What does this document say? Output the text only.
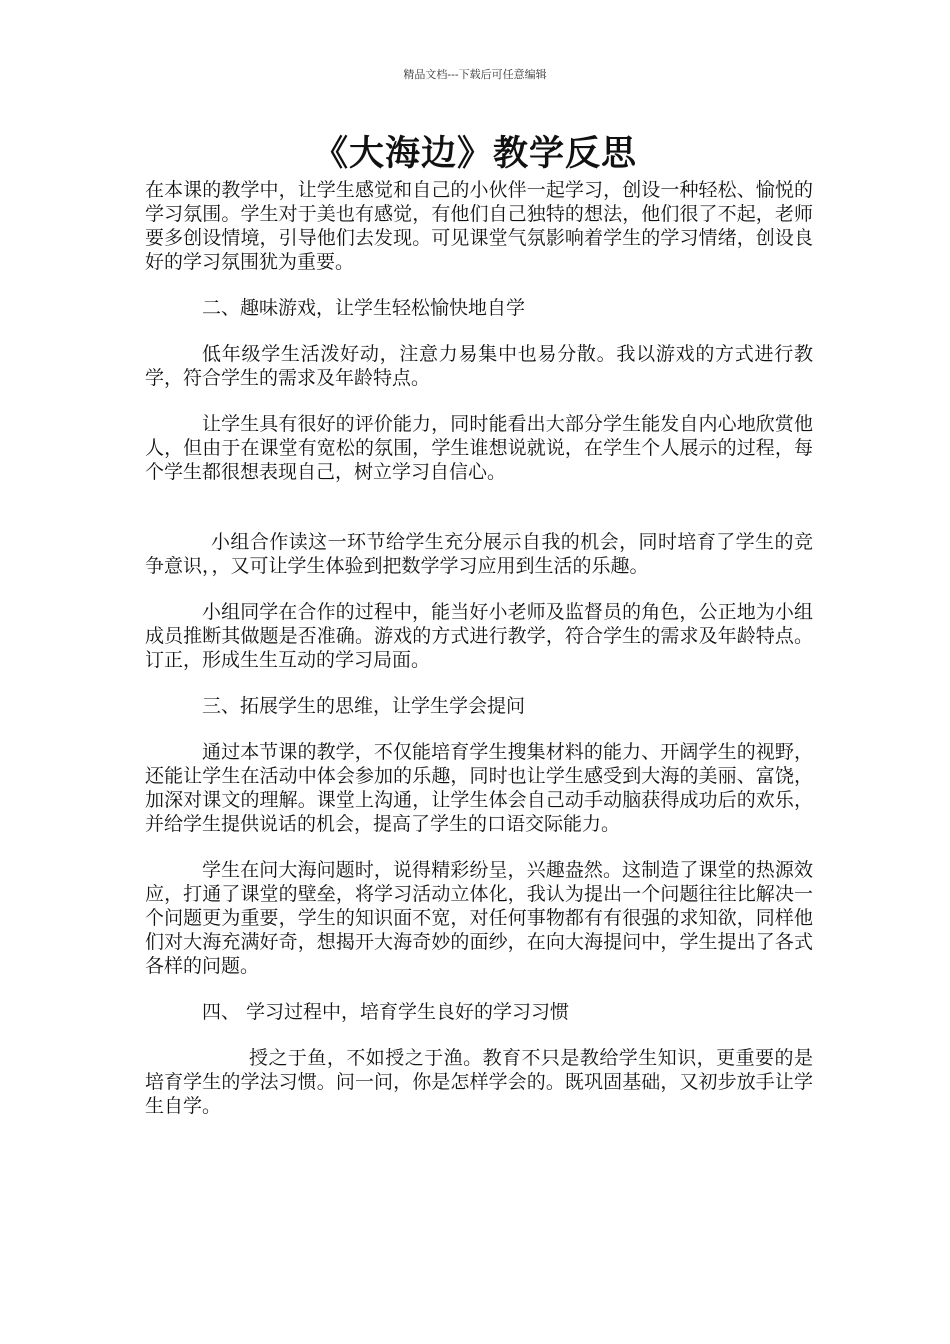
精品文档---下载后可任意编辑
《大海边》教学反思

在本课的教学中，让学生感觉和自己的小伙伴一起学习，创设一种轻松、愉悦的学习氛围。学生对于美也有感觉，有他们自己独特的想法，他们很了不起，老师要多创设情境，引导他们去发现。可见课堂气氛影响着学生的学习情绪，创设良好的学习氛围犹为重要。

二、趣味游戏，让学生轻松愉快地自学

低年级学生活泼好动，注意力易集中也易分散。我以游戏的方式进行教学，符合学生的需求及年龄特点。

让学生具有很好的评价能力，同时能看出大部分学生能发自内心地欣赏他人，但由于在课堂有宽松的氛围，学生谁想说就说，在学生个人展示的过程，每个学生都很想表现自己，树立学习自信心。

小组合作读这一环节给学生充分展示自我的机会，同时培育了学生的竞争意识，，又可让学生体验到把数学学习应用到生活的乐趣。

小组同学在合作的过程中，能当好小老师及监督员的角色，公正地为小组成员推断其做题是否准确。游戏的方式进行教学，符合学生的需求及年龄特点。订正，形成生生互动的学习局面。

三、拓展学生的思维，让学生学会提问

通过本节课的教学，不仅能培育学生搜集材料的能力、开阔学生的视野，还能让学生在活动中体会参加的乐趣，同时也让学生感受到大海的美丽、富饶，加深对课文的理解。课堂上沟通，让学生体会自己动手动脑获得成功后的欢乐，并给学生提供说话的机会，提高了学生的口语交际能力。

学生在问大海问题时，说得精彩纷呈，兴趣盎然。这制造了课堂的热源效应，打通了课堂的壁垒，将学习活动立体化，我认为提出一个问题往往比解决一个问题更为重要，学生的知识面不宽，对任何事物都有有很强的求知欲，同样他们对大海充满好奇，想揭开大海奇妙的面纱，在向大海提问中，学生提出了各式各样的问题。

四、 学习过程中，培育学生良好的学习习惯

授之于鱼，不如授之于渔。教育不只是教给学生知识，更重要的是培育学生的学法习惯。问一问，你是怎样学会的。既巩固基础，又初步放手让学生自学。
